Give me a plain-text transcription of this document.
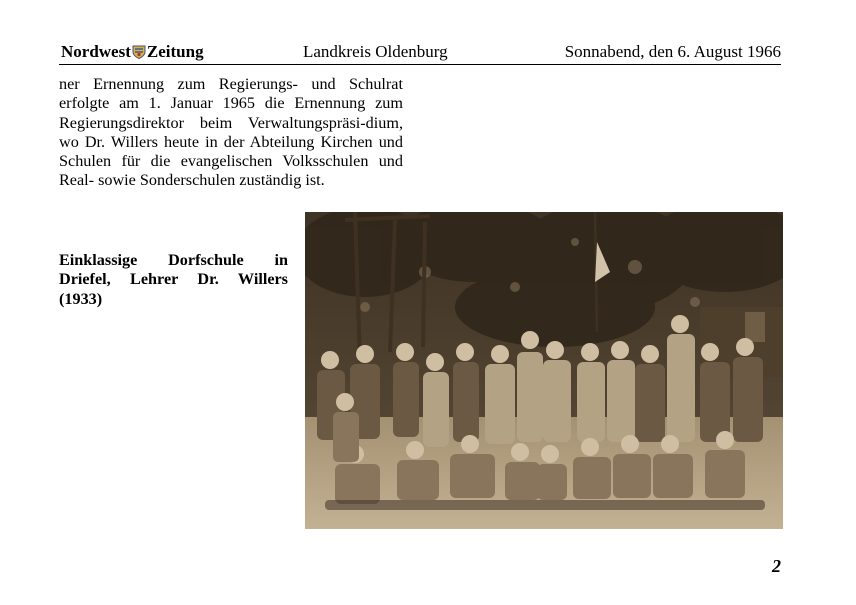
Nordwest Zeitung	Landkreis Oldenburg	Sonnabend, den 6. August 1966

ner Ernennung zum Regierungs- und Schulrat erfolgte am 1. Januar 1965 die Ernennung zum Regierungsdirektor beim Verwaltungspräsi-dium, wo Dr. Willers heute in der Abteilung Kirchen und Schulen für die evangelischen Volksschulen und Real- sowie Sonderschulen zuständig ist.

Einklassige Dorfschule in Driefel, Lehrer Dr. Willers (1933)

2
